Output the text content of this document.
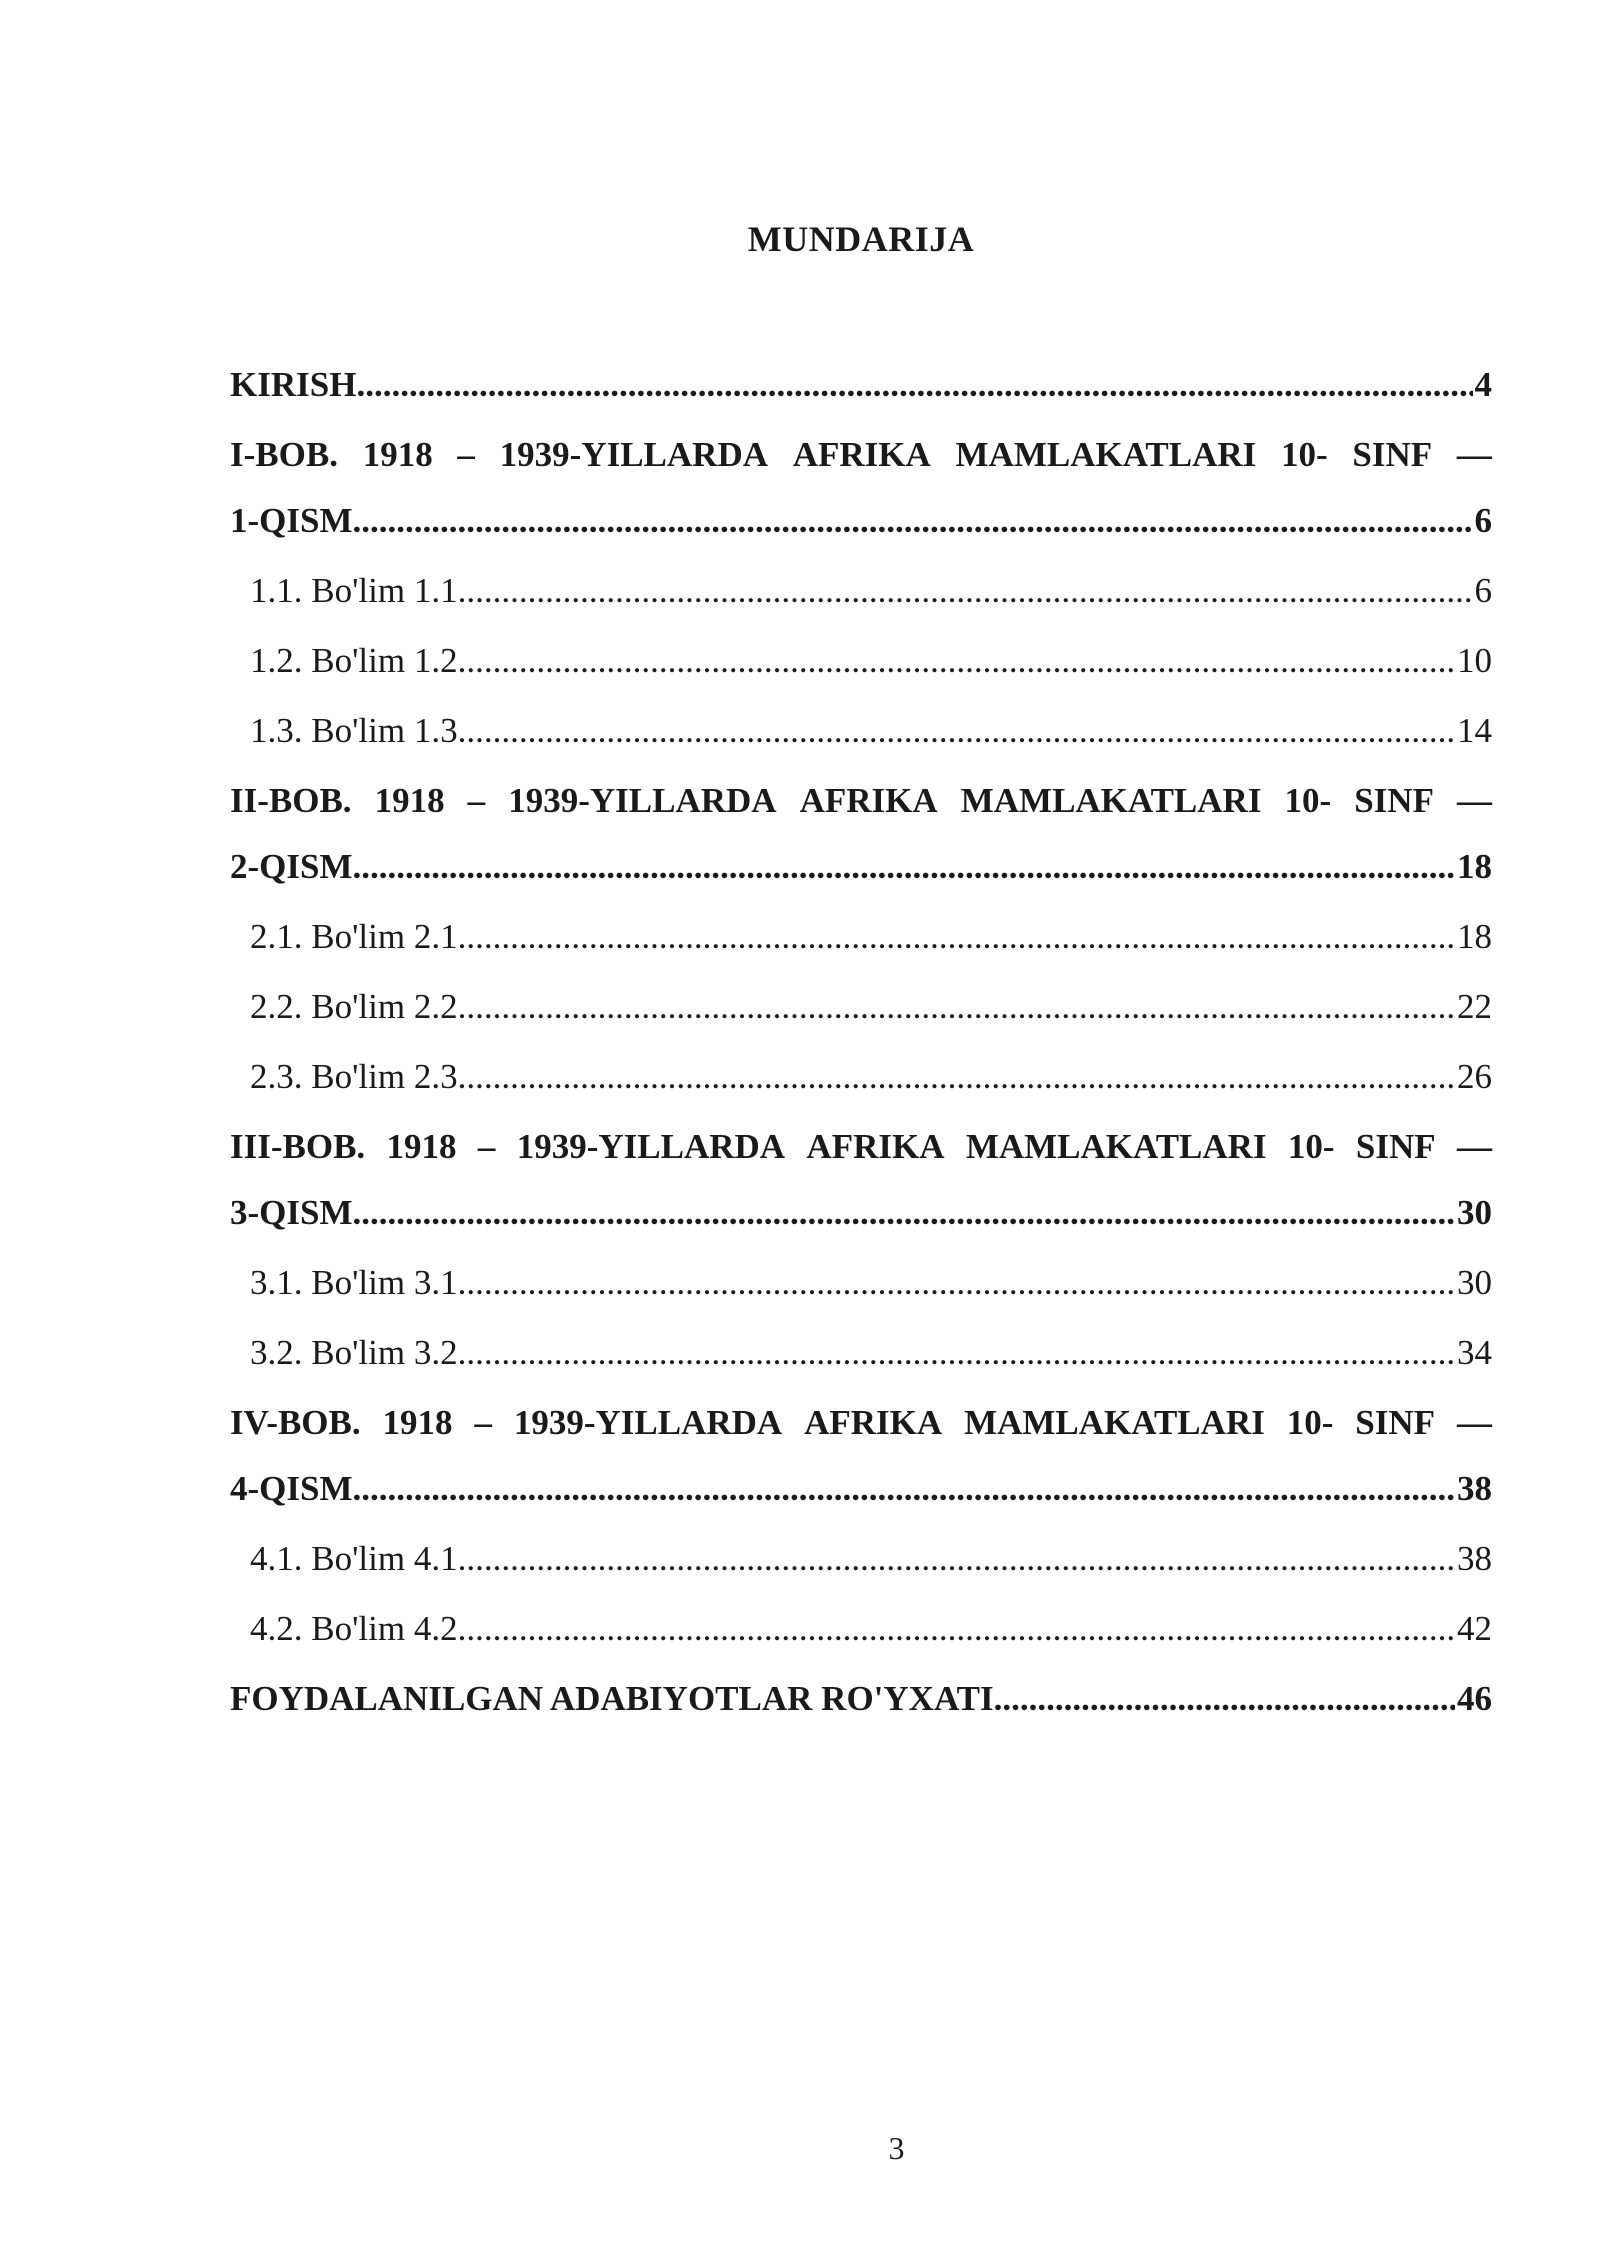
MUNDARIJA
KIRISH .....	4
I-BOB. 1918 – 1939-YILLARDA AFRIKA MAMLAKATLARI 10- SINF —
1-QISM .....	6
1.1. Bo'lim 1.1 .....	6
1.2. Bo'lim 1.2 .....	10
1.3. Bo'lim 1.3 .....	14
II-BOB. 1918 – 1939-YILLARDA AFRIKA MAMLAKATLARI 10- SINF —
2-QISM .....	18
2.1. Bo'lim 2.1 .....	18
2.2. Bo'lim 2.2 .....	22
2.3. Bo'lim 2.3 .....	26
III-BOB. 1918 – 1939-YILLARDA AFRIKA MAMLAKATLARI 10- SINF —
3-QISM .....	30
3.1. Bo'lim 3.1 .....	30
3.2. Bo'lim 3.2 .....	34
IV-BOB. 1918 – 1939-YILLARDA AFRIKA MAMLAKATLARI 10- SINF —
4-QISM .....	38
4.1. Bo'lim 4.1 .....	38
4.2. Bo'lim 4.2 .....	42
FOYDALANILGAN ADABIYOTLAR RO'YXATI .....	46
3
